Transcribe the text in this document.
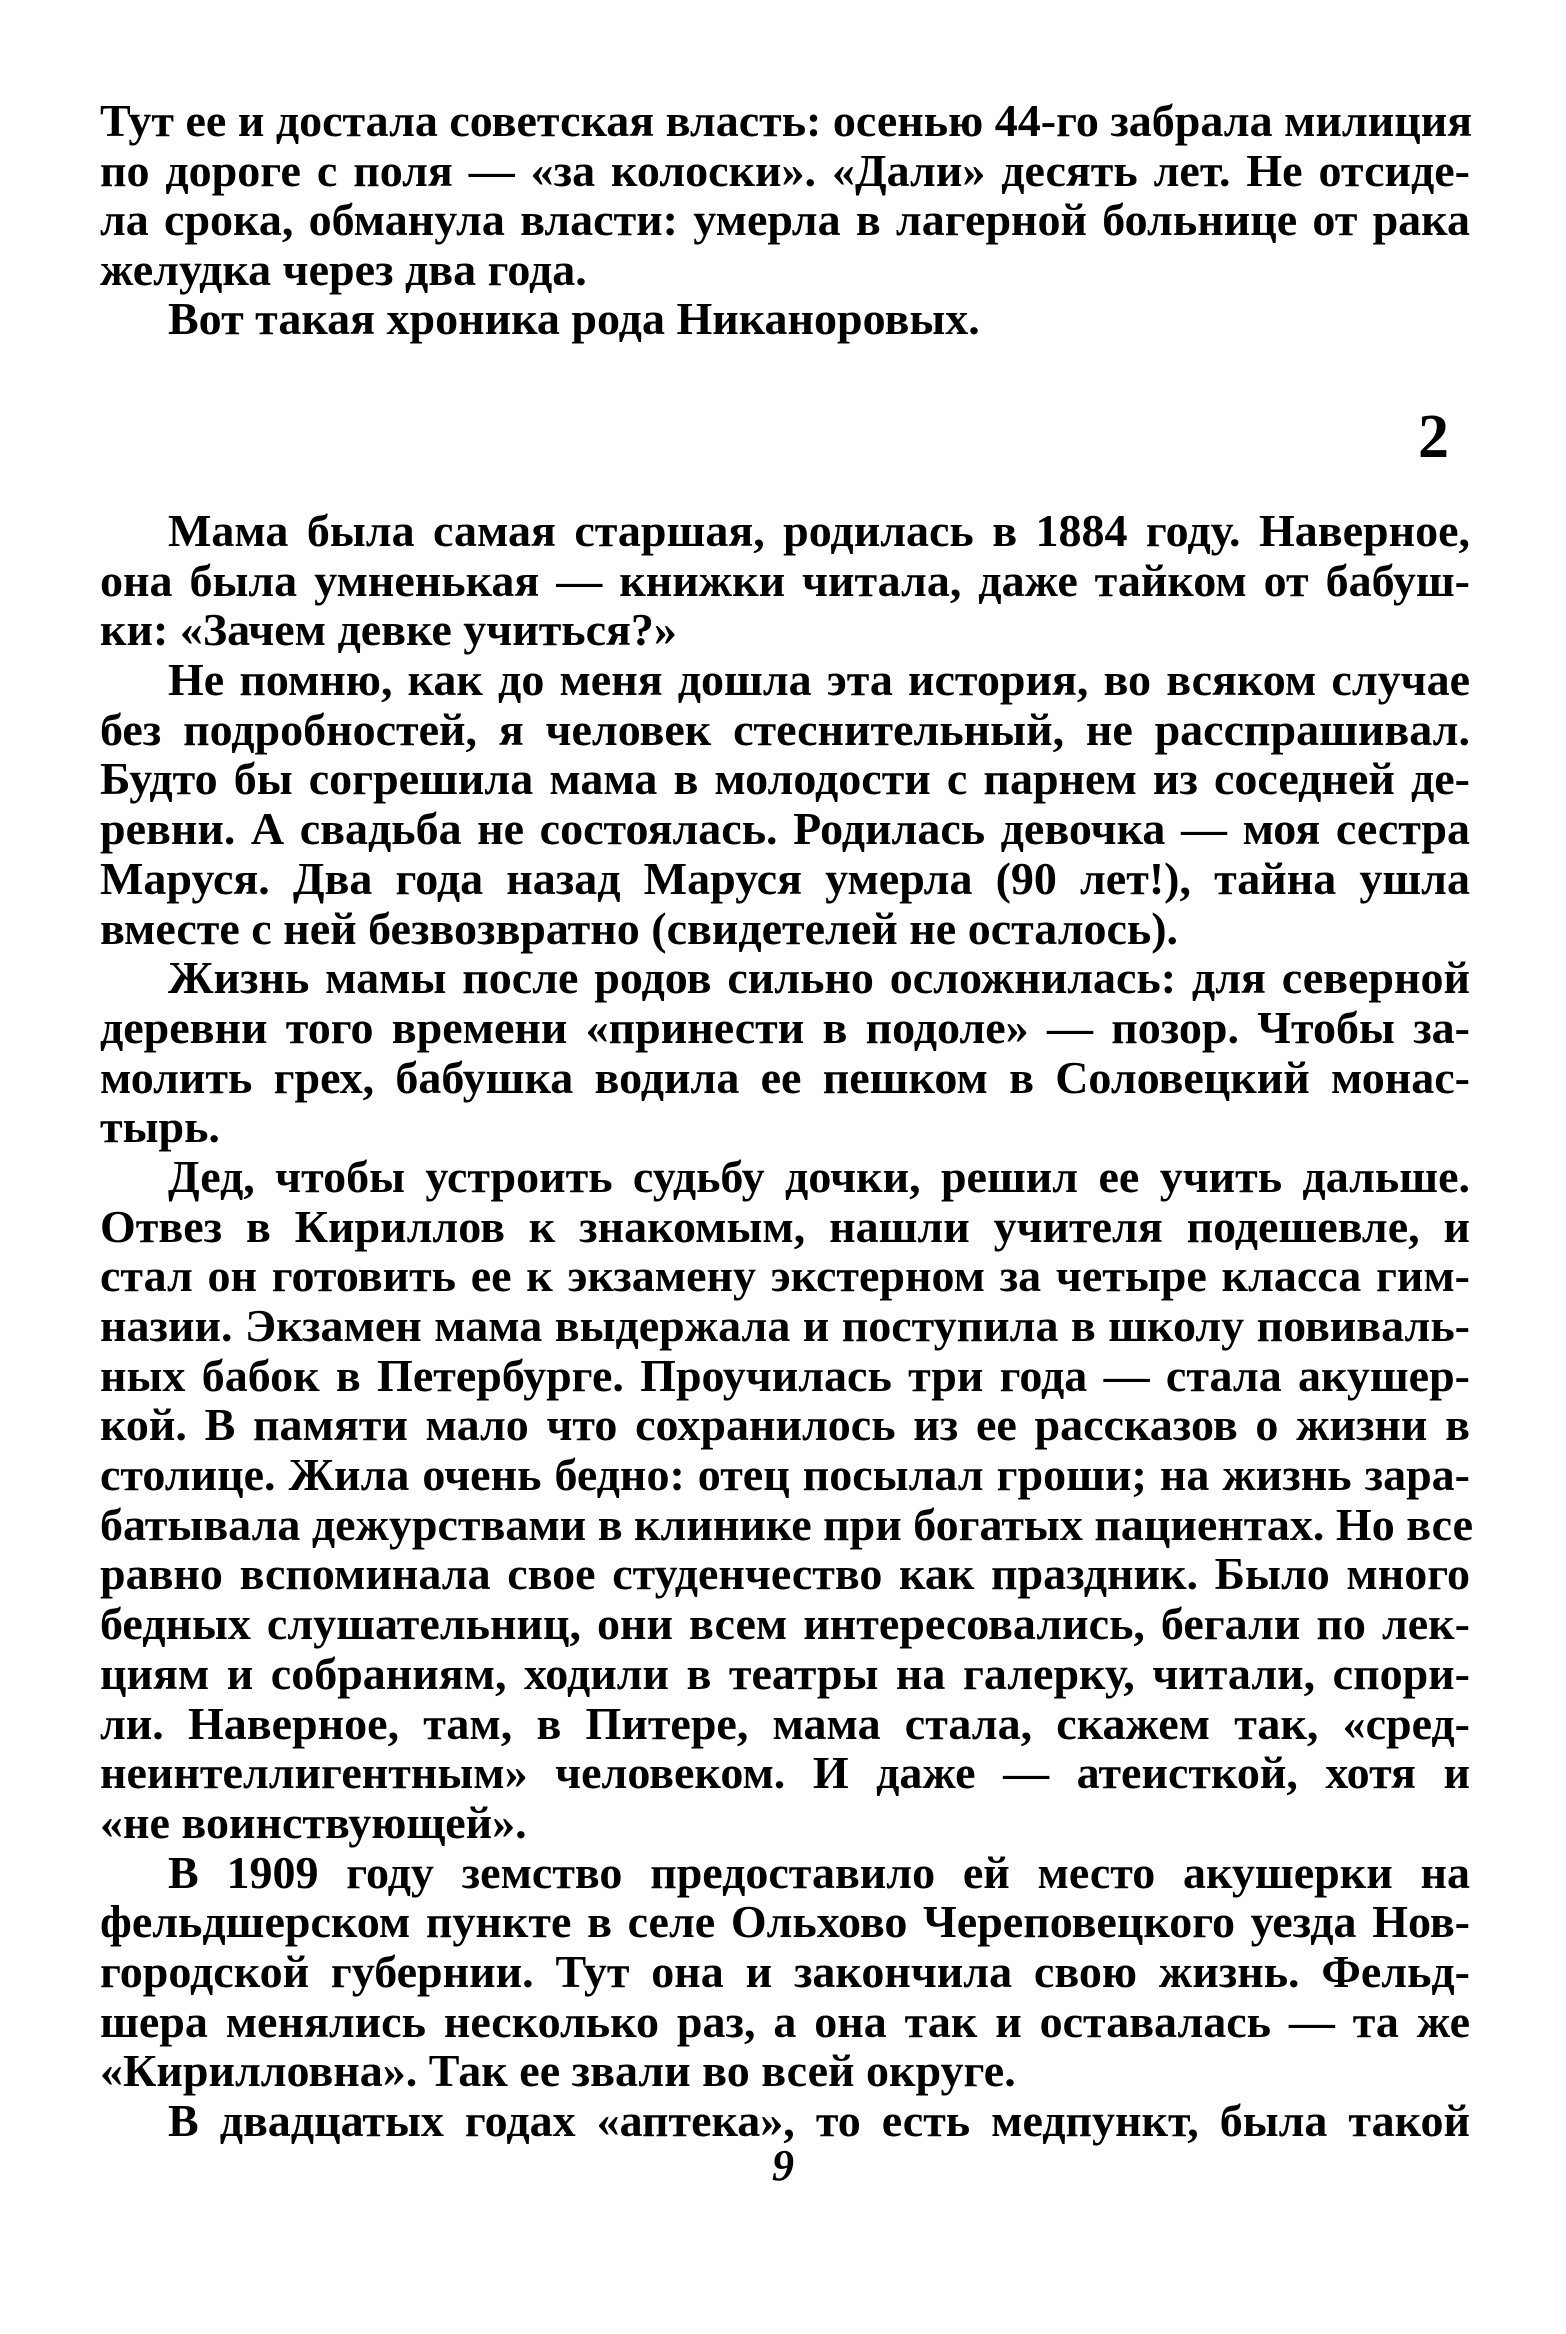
Тут ее и достала советская власть: осенью 44-го забрала милиция
по дороге с поля — «за колоски». «Дали» десять лет. Не отсиде-
ла срока, обманула власти: умерла в лагерной больнице от рака
желудка через два года.
Вот такая хроника рода Никаноровых.
2
Мама была самая старшая, родилась в 1884 году. Наверное,
она была умненькая — книжки читала, даже тайком от бабуш-
ки: «Зачем девке учиться?»
Не помню, как до меня дошла эта история, во всяком случае
без подробностей, я человек стеснительный, не расспрашивал.
Будто бы согрешила мама в молодости с парнем из соседней де-
ревни. А свадьба не состоялась. Родилась девочка — моя сестра
Маруся. Два года назад Маруся умерла (90 лет!), тайна ушла
вместе с ней безвозвратно (свидетелей не осталось).
Жизнь мамы после родов сильно осложнилась: для северной
деревни того времени «принести в подоле» — позор. Чтобы за-
молить грех, бабушка водила ее пешком в Соловецкий монас-
тырь.
Дед, чтобы устроить судьбу дочки, решил ее учить дальше.
Отвез в Кириллов к знакомым, нашли учителя подешевле, и
стал он готовить ее к экзамену экстерном за четыре класса гим-
назии. Экзамен мама выдержала и поступила в школу повиваль-
ных бабок в Петербурге. Проучилась три года — стала акушер-
кой. В памяти мало что сохранилось из ее рассказов о жизни в
столице. Жила очень бедно: отец посылал гроши; на жизнь зара-
батывала дежурствами в клинике при богатых пациентах. Но все
равно вспоминала свое студенчество как праздник. Было много
бедных слушательниц, они всем интересовались, бегали по лек-
циям и собраниям, ходили в театры на галерку, читали, спори-
ли. Наверное, там, в Питере, мама стала, скажем так, «сред-
неинтеллигентным» человеком. И даже — атеисткой, хотя и
«не воинствующей».
В 1909 году земство предоставило ей место акушерки на
фельдшерском пункте в селе Ольхово Череповецкого уезда Нов-
городской губернии. Тут она и закончила свою жизнь. Фельд-
шера менялись несколько раз, а она так и оставалась — та же
«Кирилловна». Так ее звали во всей округе.
В двадцатых годах «аптека», то есть медпункт, была такой
9
